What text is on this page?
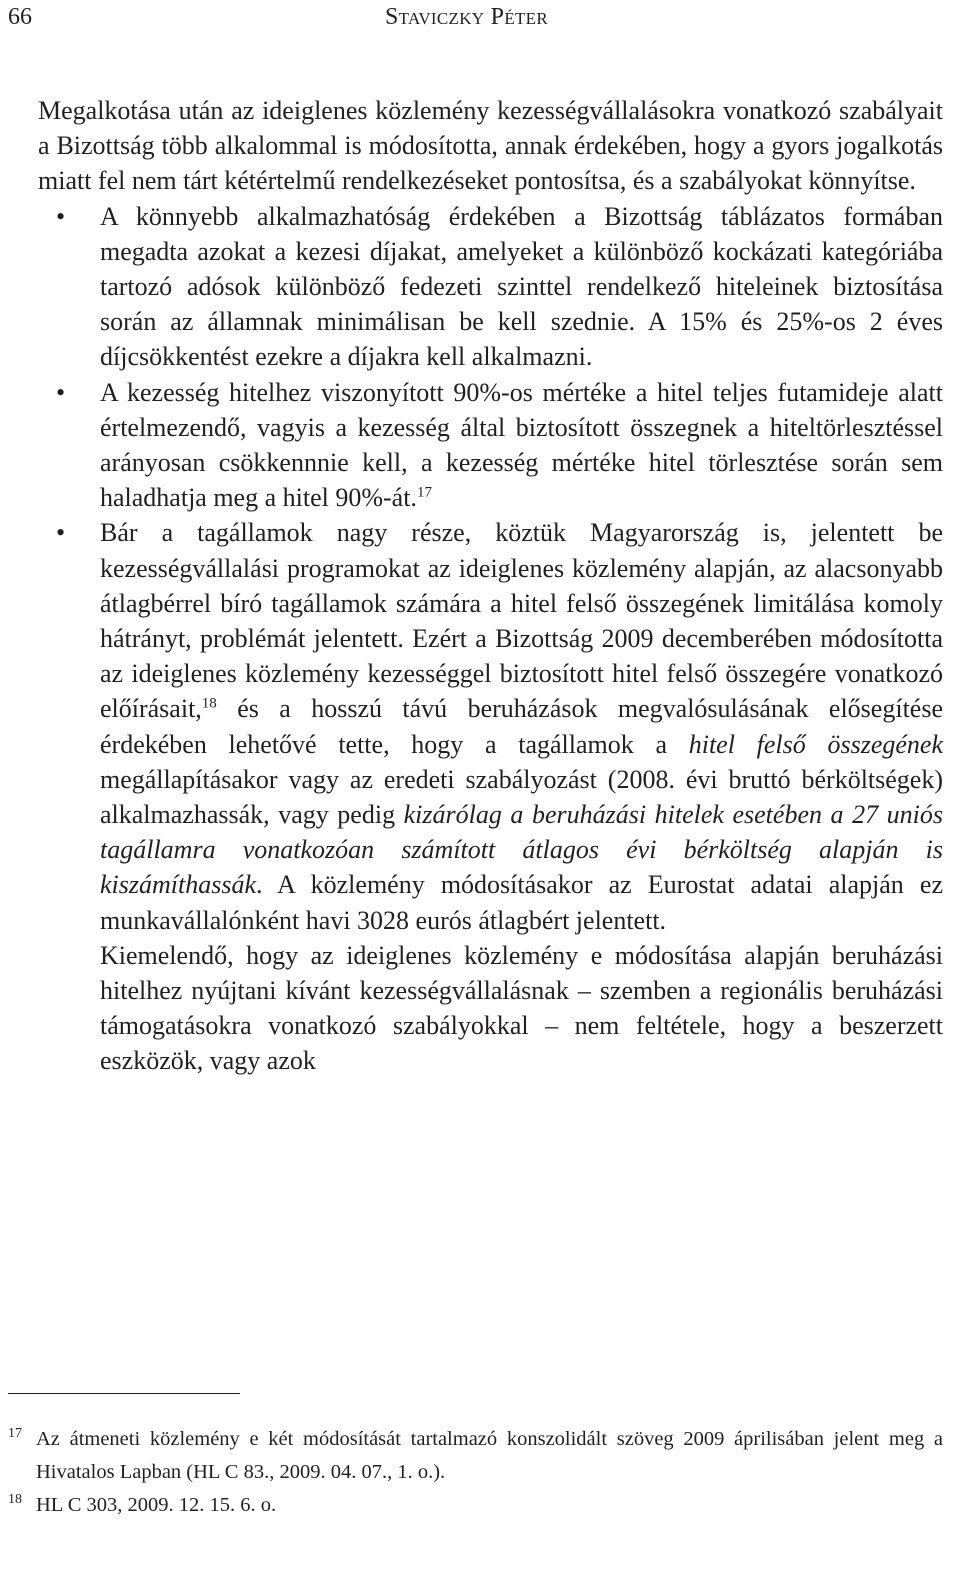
66	Staviczky Péter

Megalkotása után az ideiglenes közlemény kezességvállalásokra vonatkozó szabályait a Bizottság több alkalommal is módosította, annak érdekében, hogy a gyors jogalkotás miatt fel nem tárt kétértelmű rendelkezéseket pontosítsa, és a szabályokat könnyítse.

• A könnyebb alkalmazhatóság érdekében a Bizottság táblázatos formában megadta azokat a kezesi díjakat, amelyeket a különböző kockázati kategóriába tartozó adósok különböző fedezeti szinttel rendelkező hiteleinek biztosítása során az államnak minimálisan be kell szednie. A 15% és 25%-os 2 éves díjcsökkentést ezekre a díjakra kell alkalmazni.
• A kezesség hitelhez viszonyított 90%-os mértéke a hitel teljes futamideje alatt értelmezendő, vagyis a kezesség által biztosított összegnek a hiteltörlesztéssel arányosan csökkennnie kell, a kezesség mértéke hitel törlesztése során sem haladhatja meg a hitel 90%-át.$^{17}$
• Bár a tagállamok nagy része, köztük Magyarország is, jelentett be kezességvállalási programokat az ideiglenes közlemény alapján, az alacsonyabb átlagbérrel bíró tagállamok számára a hitel felső összegének limitálása komoly hátrányt, problémát jelentett. Ezért a Bizottság 2009 decemberében módosította az ideiglenes közlemény kezességgel biztosított hitel felső összegére vonatkozó előírásait,$^{18}$ és a hosszú távú beruházások megvalósulásának elősegítése érdekében lehetővé tette, hogy a tagállamok a hitel felső összegének megállapításakor vagy az eredeti szabályozást (2008. évi bruttó bérköltségek) alkalmazhassák, vagy pedig kizárólag a beruházási hitelek esetében a 27 uniós tagállamra vonatkozóan számított átlagos évi bérköltség alapján is kiszámíthassák. A közlemény módosításakor az Eurostat adatai alapján ez munkavállalónként havi 3028 eurós átlagbért jelentett.

Kiemelendő, hogy az ideiglenes közlemény e módosítása alapján beruházási hitelhez nyújtani kívánt kezességvállalásnak – szemben a regionális beruházási támogatásokra vonatkozó szabályokkal – nem feltétele, hogy a beszerzett eszközök, vagy azok

17 Az átmeneti közlemény e két módosítását tartalmazó konszolidált szöveg 2009 áprilisában jelent meg a Hivatalos Lapban (HL C 83., 2009. 04. 07., 1. o.).
18 HL C 303, 2009. 12. 15. 6. o.
